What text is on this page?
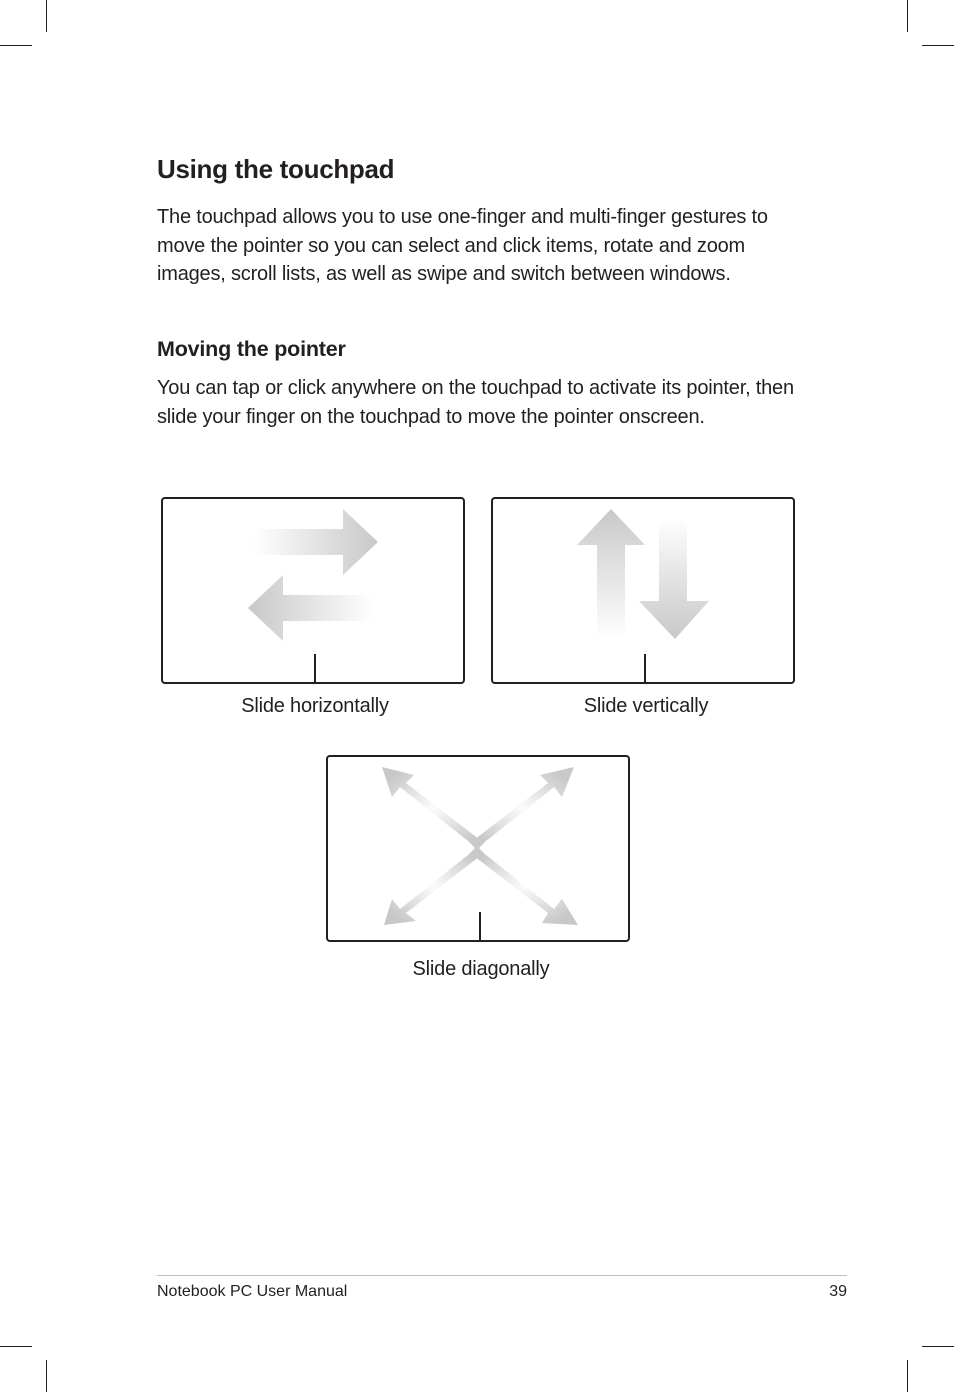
Using the touchpad

The touchpad allows you to use one-finger and multi-finger gestures to move the pointer so you can select and click items, rotate and zoom images, scroll lists, as well as swipe and switch between windows.

Moving the pointer

You can tap or click anywhere on the touchpad to activate its pointer, then slide your finger on the touchpad to move the pointer onscreen.

Slide horizontally	Slide vertically
Slide diagonally
Notebook PC User Manual	39
